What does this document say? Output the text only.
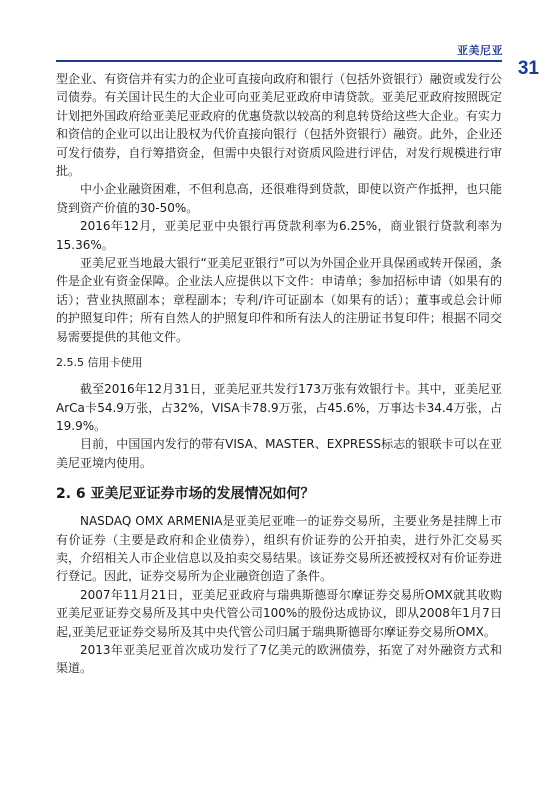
亚美尼亚
31

型企业、有资信并有实力的企业可直接向政府和银行（包括外资银行）融资或发行公司债券。有关国计民生的大企业可向亚美尼亚政府申请贷款。亚美尼亚政府按照既定计划把外国政府给亚美尼亚政府的优惠贷款以较高的利息转贷给这些大企业。有实力和资信的企业可以出让股权为代价直接向银行（包括外资银行）融资。此外，企业还可发行债券，自行筹措资金，但需中央银行对资质风险进行评估，对发行规模进行审批。

中小企业融资困难，不但利息高，还很难得到贷款，即使以资产作抵押，也只能贷到资产价值的30-50%。

2016年12月，亚美尼亚中央银行再贷款利率为6.25%，商业银行贷款利率为15.36%。

亚美尼亚当地最大银行“亚美尼亚银行”可以为外国企业开具保函或转开保函，条件是企业有资金保障。企业法人应提供以下文件：申请单；参加招标申请（如果有的话）；营业执照副本；章程副本；专利/许可证副本（如果有的话）；董事或总会计师的护照复印件；所有自然人的护照复印件和所有法人的注册证书复印件；根据不同交易需要提供的其他文件。

2.5.5 信用卡使用

截至2016年12月31日，亚美尼亚共发行173万张有效银行卡。其中，亚美尼亚ArCa卡54.9万张，占32%，VISA卡78.9万张，占45.6%，万事达卡34.4万张，占19.9%。

目前，中国国内发行的带有VISA、MASTER、EXPRESS标志的银联卡可以在亚美尼亚境内使用。

2. 6 亚美尼亚证券市场的发展情况如何？

NASDAQ OMX ARMENIA是亚美尼亚唯一的证券交易所，主要业务是挂牌上市有价证券（主要是政府和企业债券），组织有价证券的公开拍卖，进行外汇交易买卖，介绍相关人市企业信息以及拍卖交易结果。该证券交易所还被授权对有价证券进行登记。因此，证券交易所为企业融资创造了条件。

2007年11月21日，亚美尼亚政府与瑞典斯德哥尔摩证券交易所OMX就其收购亚美尼亚证券交易所及其中央代管公司100%的股份达成协议，即从2008年1月7日起,亚美尼亚证券交易所及其中央代管公司归属于瑞典斯德哥尔摩证券交易所OMX。

2013年亚美尼亚首次成功发行了7亿美元的欧洲债券，拓宽了对外融资方式和渠道。
